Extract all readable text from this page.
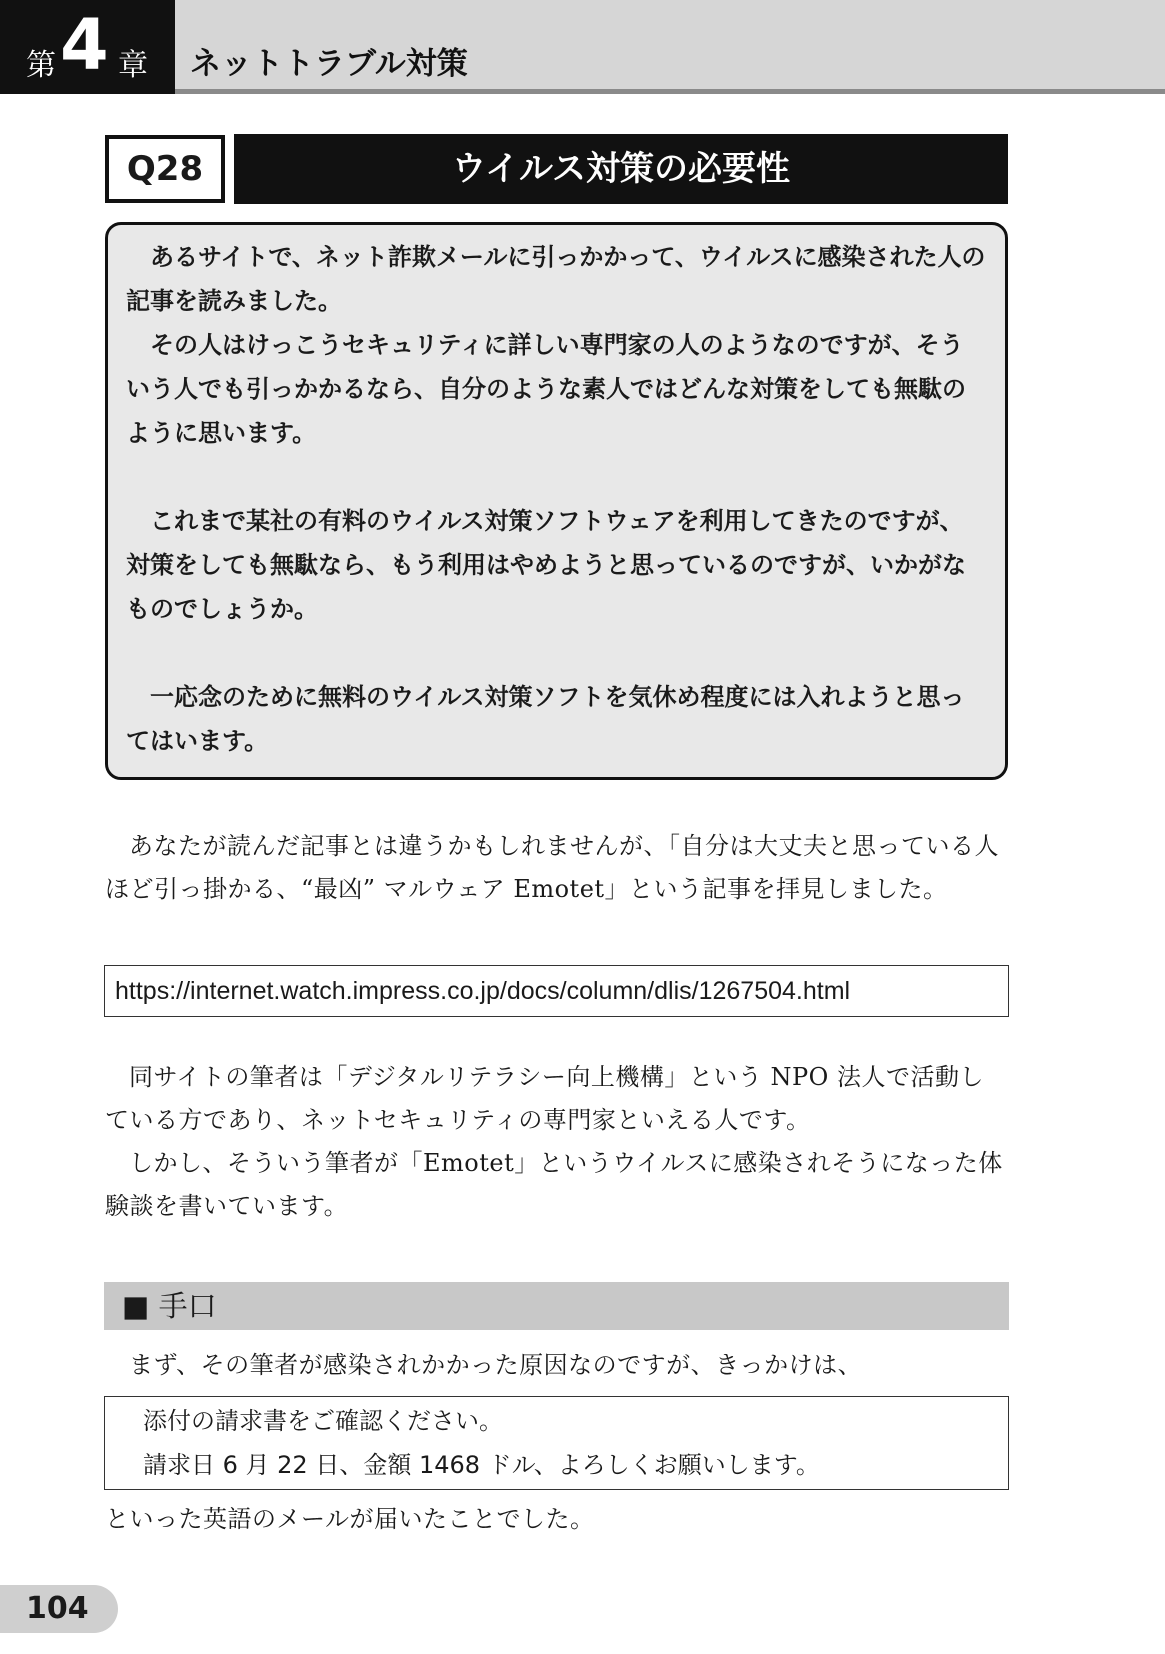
第 4 章 ネットトラブル対策
Q28	ウイルス対策の必要性

あるサイトで、ネット詐欺メールに引っかかって、ウイルスに感染された人の記事を読みました。

その人はけっこうセキュリティに詳しい専門家の人のようなのですが、そういう人でも引っかかるなら、自分のような素人ではどんな対策をしても無駄のように思います。

これまで某社の有料のウイルス対策ソフトウェアを利用してきたのですが、対策をしても無駄なら、もう利用はやめようと思っているのですが、いかがなものでしょうか。

一応念のために無料のウイルス対策ソフトを気休め程度には入れようと思ってはいます。

あなたが読んだ記事とは違うかもしれませんが、「自分は大丈夫と思っている人ほど引っ掛かる、“最凶” マルウェア Emotet」という記事を拝見しました。

https://internet.watch.impress.co.jp/docs/column/dlis/1267504.html

同サイトの筆者は「デジタルリテラシー向上機構」という NPO 法人で活動している方であり、ネットセキュリティの専門家といえる人です。

しかし、そういう筆者が「Emotet」というウイルスに感染されそうになった体験談を書いています。

■ 手口

まず、その筆者が感染されかかった原因なのですが、きっかけは、

添付の請求書をご確認ください。
請求日 6 月 22 日、金額 1468 ドル、よろしくお願いします。

といった英語のメールが届いたことでした。

104
